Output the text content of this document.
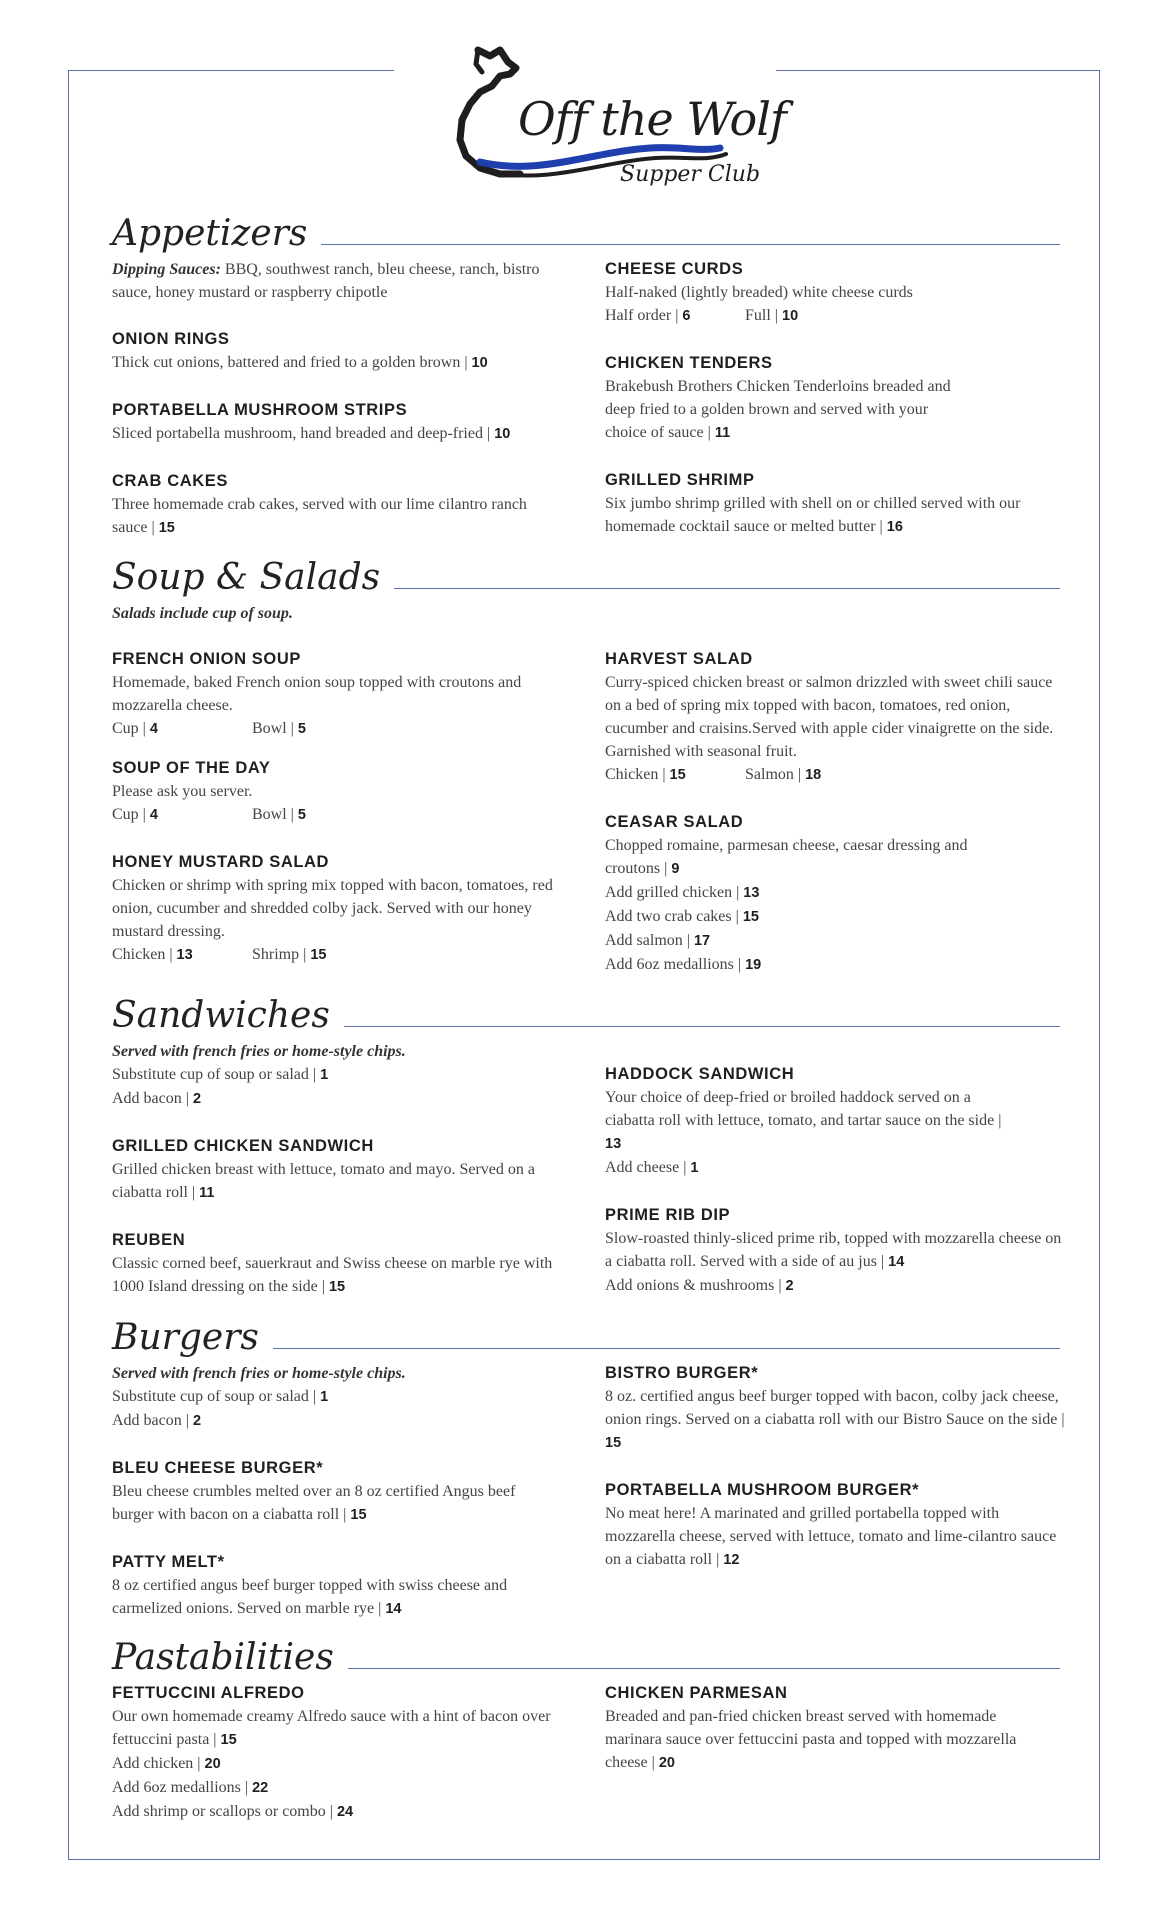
Off the Wolf
Supper Club
Appetizers
Dipping Sauces: BBQ, southwest ranch, bleu cheese, ranch, bistro sauce, honey mustard or raspberry chipotle
ONION RINGS
Thick cut onions, battered and fried to a golden brown | 10
PORTABELLA MUSHROOM STRIPS
Sliced portabella mushroom, hand breaded and deep-fried | 10
CRAB CAKES
Three homemade crab cakes, served with our lime cilantro ranch sauce | 15
CHEESE CURDS
Half-naked (lightly breaded) white cheese curds
Half order | 6	Full | 10
CHICKEN TENDERS
Brakebush Brothers Chicken Tenderloins breaded and deep fried to a golden brown and served with your choice of sauce | 11
GRILLED SHRIMP
Six jumbo shrimp grilled with shell on or chilled served with our homemade cocktail sauce or melted butter | 16
Soup & Salads
Salads include cup of soup.
FRENCH ONION SOUP
Homemade, baked French onion soup topped with croutons and mozzarella cheese.
Cup | 4	Bowl | 5
SOUP OF THE DAY
Please ask you server.
Cup | 4	Bowl | 5
HONEY MUSTARD SALAD
Chicken or shrimp with spring mix topped with bacon, tomatoes, red onion, cucumber and shredded colby jack. Served with our honey mustard dressing.
Chicken | 13	Shrimp | 15
HARVEST SALAD
Curry-spiced chicken breast or salmon drizzled with sweet chili sauce on a bed of spring mix topped with bacon, tomatoes, red onion, cucumber and craisins.Served with apple cider vinaigrette on the side. Garnished with seasonal fruit.
Chicken | 15	Salmon | 18
CEASAR SALAD
Chopped romaine, parmesan cheese, caesar dressing and croutons | 9
Add grilled chicken | 13
Add two crab cakes | 15
Add salmon | 17
Add 6oz medallions | 19
Sandwiches
Served with french fries or home-style chips.
Substitute cup of soup or salad | 1
Add bacon | 2
GRILLED CHICKEN SANDWICH
Grilled chicken breast with lettuce, tomato and mayo. Served on a ciabatta roll | 11
REUBEN
Classic corned beef, sauerkraut and Swiss cheese on marble rye with 1000 Island dressing on the side | 15
HADDOCK SANDWICH
Your choice of deep-fried or broiled haddock served on a ciabatta roll with lettuce, tomato, and tartar sauce on the side | 13
Add cheese | 1
PRIME RIB DIP
Slow-roasted thinly-sliced prime rib, topped with mozzarella cheese on a ciabatta roll. Served with a side of au jus | 14
Add onions & mushrooms | 2
Burgers
Served with french fries or home-style chips.
Substitute cup of soup or salad | 1
Add bacon | 2
BLEU CHEESE BURGER*
Bleu cheese crumbles melted over an 8 oz certified Angus beef burger with bacon on a ciabatta roll | 15
PATTY MELT*
8 oz certified angus beef burger topped with swiss cheese and carmelized onions. Served on marble rye | 14
BISTRO BURGER*
8 oz. certified angus beef burger topped with bacon, colby jack cheese, onion rings. Served on a ciabatta roll with our Bistro Sauce on the side | 15
PORTABELLA MUSHROOM BURGER*
No meat here! A marinated and grilled portabella topped with mozzarella cheese, served with lettuce, tomato and lime-cilantro sauce on a ciabatta roll | 12
Pastabilities
FETTUCCINI ALFREDO
Our own homemade creamy Alfredo sauce with a hint of bacon over fettuccini pasta | 15
Add chicken | 20
Add 6oz medallions | 22
Add shrimp or scallops or combo | 24
CHICKEN PARMESAN
Breaded and pan-fried chicken breast served with homemade marinara sauce over fettuccini pasta and topped with mozzarella cheese | 20
